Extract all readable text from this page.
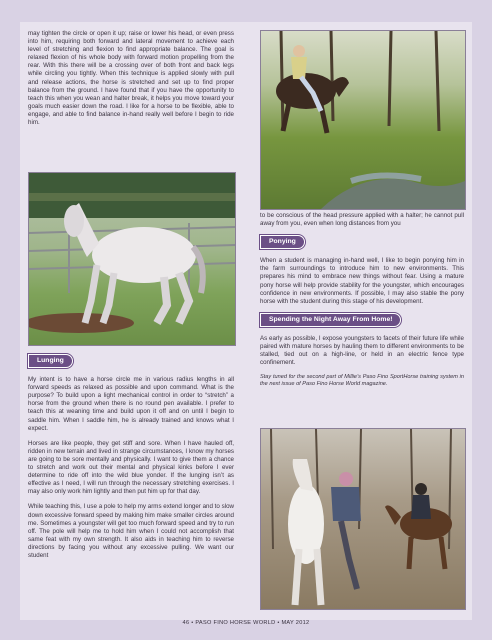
may tighten the circle or open it up; raise or lower his head, or even press into him, requiring both forward and lateral movement to achieve each level of stretching and flexion to find appropriate balance. The goal is relaxed flexion of his whole body with forward motion propelling from the rear. With this there will be a crossing over of both front and back legs while circling you tightly. When this technique is applied slowly with pull and release actions, the horse is stretched and set up to find proper balance from the ground. I have found that if you have the opportunity to teach this when you wean and halter break, it helps you move toward your goals much easier down the road. I like for a horse to be flexible, able to engage, and able to find balance in-hand really well before I begin to ride him.

Lunging

My intent is to have a horse circle me in various radius lengths in all forward speeds as relaxed as possible and upon command. What is the purpose? To build upon a light mechanical control in order to “stretch” a horse from the ground when there is no round pen available. I prefer to teach this at weaning time and build upon it off and on until I begin to saddle him. When I saddle him, he is already trained and knows what I expect.

Horses are like people, they get stiff and sore. When I have hauled off, ridden in new terrain and lived in strange circumstances, I know my horses are going to be sore mentally and physically. I want to give them a chance to stretch and work out their mental and physical kinks before I ever determine to ride off into the wild blue yonder. If the lunging isn’t as effective as I need, I will run through the necessary stretching exercises. I may also only work him lightly and then put him up for that day.

While teaching this, I use a pole to help my arms extend longer and to slow down excessive forward speed by making him make smaller circles around me. Sometimes a youngster will get too much forward speed and try to run off. The pole will help me to hold him when I could not accomplish that same feat with my own strength. It also aids in teaching him to reverse directions by facing you without any excessive pulling. We want our student

to be conscious of the head pressure applied with a halter; he cannot pull away from you, even when long distances from you

Ponying

When a student is managing in-hand well, I like to begin ponying him in the farm surroundings to introduce him to new environments. This prepares his mind to embrace new things without fear. Using a mature pony horse will help provide stability for the youngster, which encourages confidence in new environments. If possible, I may also stable the pony horse with the student during this stage of his development.

Spending the Night Away From Home!

As early as possible, I expose youngsters to facets of their future life while paired with mature horses by hauling them to different environments to be stalled, tied out on a high-line, or held in an electric fence type confinement.

Stay tuned for the second part of Millie’s Paso Fino SportHorse training system in the next issue of Paso Fino Horse World magazine.

46 • PASO FINO HORSE WORLD • MAY 2012
